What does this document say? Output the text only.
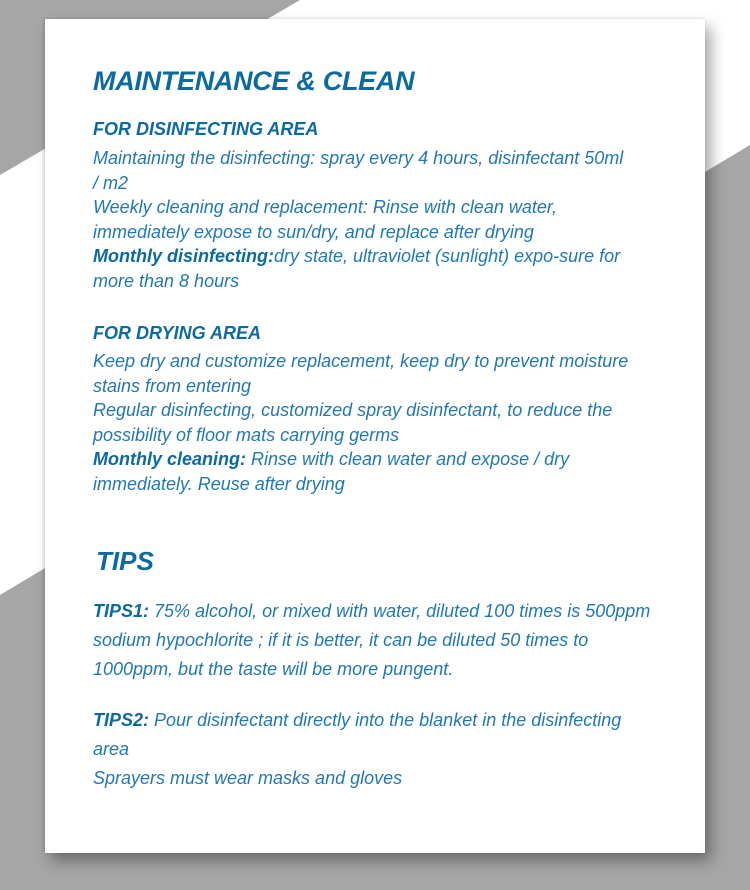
MAINTENANCE & CLEAN
FOR DISINFECTING AREA

Maintaining the disinfecting: spray every 4 hours, disinfectant 50ml / m2

Weekly cleaning and replacement: Rinse with clean water, immediately expose to sun/dry, and replace after drying

Monthly disinfecting:dry state, ultraviolet (sunlight) expo-sure for more than 8 hours

FOR DRYING AREA

Keep dry and customize replacement, keep dry to prevent moisture stains from entering

Regular disinfecting, customized spray disinfectant, to reduce the possibility of floor mats carrying germs

Monthly cleaning: Rinse with clean water and expose / dry immediately. Reuse after drying

TIPS

TIPS1: 75% alcohol, or mixed with water, diluted 100 times is 500ppm sodium hypochlorite ; if it is better, it can be diluted 50 times to 1000ppm, but the taste will be more pungent.

TIPS2: Pour disinfectant directly into the blanket in the disinfecting area
Sprayers must wear masks and gloves
